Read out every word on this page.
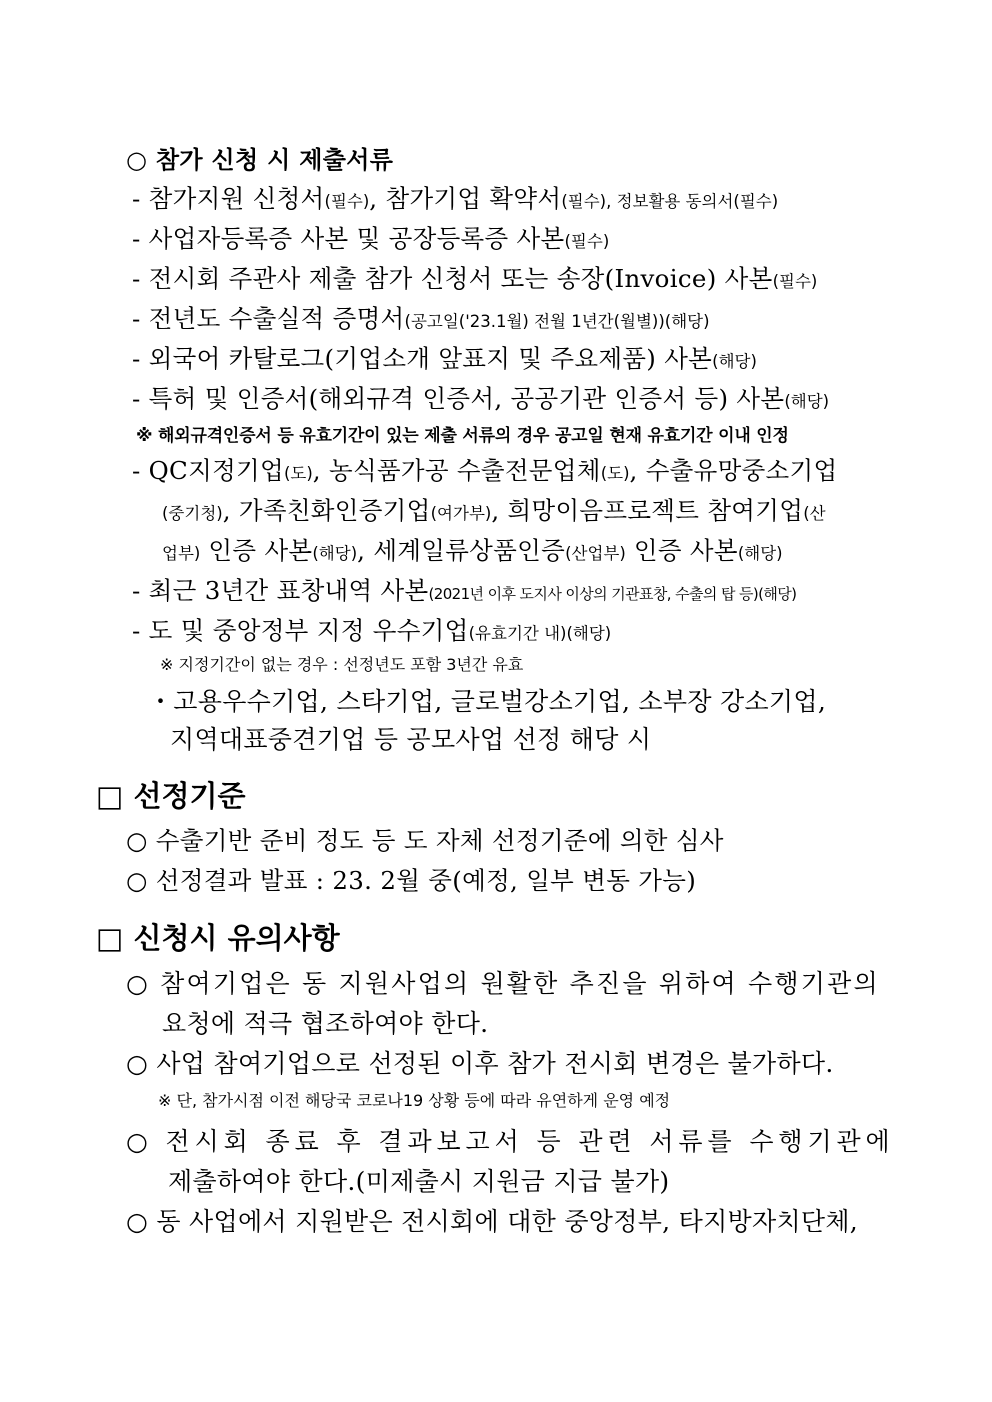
○ 참가 신청 시 제출서류
- 참가지원 신청서(필수), 참가기업 확약서(필수), 정보활용 동의서(필수)
- 사업자등록증 사본 및 공장등록증 사본(필수)
- 전시회 주관사 제출 참가 신청서 또는 송장(Invoice) 사본(필수)
- 전년도 수출실적 증명서(공고일('23.1월) 전월 1년간(월별))(해당)
- 외국어 카탈로그(기업소개 앞표지 및 주요제품) 사본(해당)
- 특허 및 인증서(해외규격 인증서, 공공기관 인증서 등) 사본(해당)
※ 해외규격인증서 등 유효기간이 있는 제출 서류의 경우 공고일 현재 유효기간 이내 인정
- QC지정기업(도), 농식품가공 수출전문업체(도), 수출유망중소기업
(중기청), 가족친화인증기업(여가부), 희망이음프로젝트 참여기업(산
업부) 인증 사본(해당), 세계일류상품인증(산업부) 인증 사본(해당)
- 최근 3년간 표창내역 사본(2021년 이후 도지사 이상의 기관표창, 수출의 탑 등)(해당)
- 도 및 중앙정부 지정 우수기업(유효기간 내)(해당)
※ 지정기간이 없는 경우 : 선정년도 포함 3년간 유효
・고용우수기업, 스타기업, 글로벌강소기업, 소부장 강소기업,
지역대표중견기업 등 공모사업 선정 해당 시
□ 선정기준
○ 수출기반 준비 정도 등 도 자체 선정기준에 의한 심사
○ 선정결과 발표 : 23. 2월 중(예정, 일부 변동 가능)
□ 신청시 유의사항
○ 참여기업은 동 지원사업의 원활한 추진을 위하여 수행기관의
요청에 적극 협조하여야 한다.
○ 사업 참여기업으로 선정된 이후 참가 전시회 변경은 불가하다.
※ 단, 참가시점 이전 해당국 코로나19 상황 등에 따라 유연하게 운영 예정
○ 전시회 종료 후 결과보고서 등 관련 서류를 수행기관에
제출하여야 한다.(미제출시 지원금 지급 불가)
○ 동 사업에서 지원받은 전시회에 대한 중앙정부, 타지방자치단체,
